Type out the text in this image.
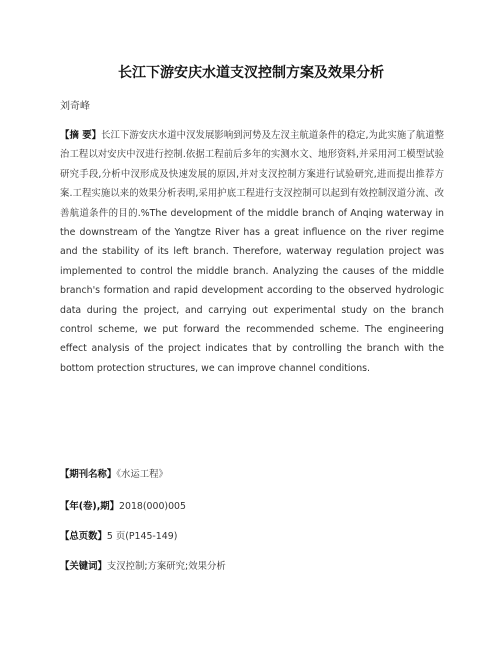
长江下游安庆水道支汊控制方案及效果分析
刘奇峰
【摘 要】长江下游安庆水道中汊发展影响到河势及左汊主航道条件的稳定,为此实施了航道整治工程以对安庆中汊进行控制.依据工程前后多年的实测水文、地形资料,并采用河工模型试验研究手段,分析中汊形成及快速发展的原因,并对支汊控制方案进行试验研究,进而提出推荐方案.工程实施以来的效果分析表明,采用护底工程进行支汊控制可以起到有效控制汊道分流、改善航道条件的目的.%The development of the middle branch of Anqing waterway in the downstream of the Yangtze River has a great influence on the river regime and the stability of its left branch. Therefore, waterway regulation project was implemented to control the middle branch. Analyzing the causes of the middle branch's formation and rapid development according to the observed hydrologic data during the project, and carrying out experimental study on the branch control scheme, we put forward the recommended scheme. The engineering effect analysis of the project indicates that by controlling the branch with the bottom protection structures, we can improve channel conditions.
【期刊名称】《水运工程》
【年(卷),期】2018(000)005
【总页数】5 页(P145-149)
【关键词】支汊控制;方案研究;效果分析
